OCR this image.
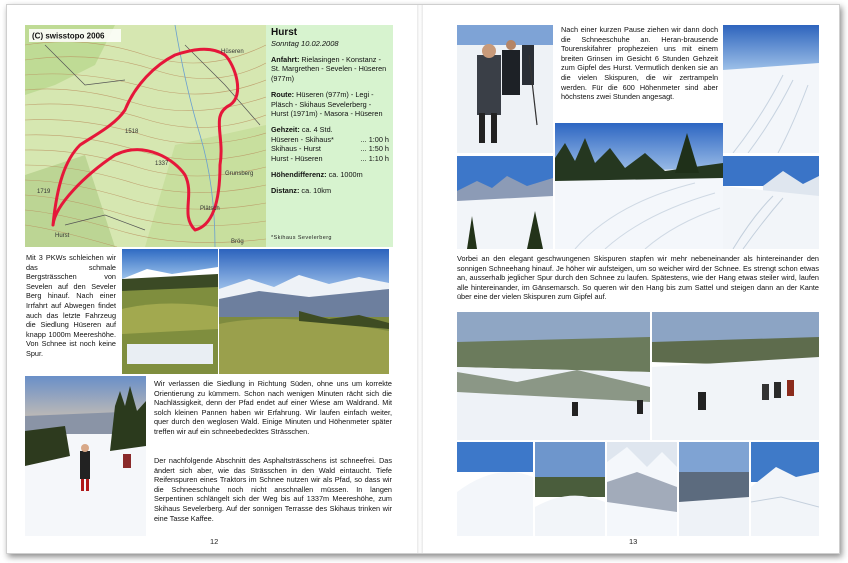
Hüseren
Hurst
Plätsch
1337
1518
1719
Grunsberg
Brög
(C) swisstopo 2006	Hurst
Sonntag 10.02.2008
Anfahrt: Rielasingen - Konstanz - St. Margrethen - Sevelen - Hüseren (977m)
Route: Hüseren (977m) - Legi - Pläsch - Skihaus Sevelerberg - Hurst (1971m) - Masora - Hüseren
Gehzeit: ca. 4 Std.
Hüseren - Skihaus*	... 1:00 h
Skihaus - Hurst	... 1:50 h
Hurst - Hüseren	... 1:10 h
Höhendifferenz: ca. 1000m
Distanz: ca. 10km
*Skihaus Sevelerberg
Mit 3 PKWs schleichen wir das schmale Bergsträsschen von Sevelen auf den Seveler Berg hinauf. Nach einer Irrfahrt auf Abwegen findet auch das letzte Fahrzeug die Siedlung Hüseren auf knapp 1000m Meereshöhe. Von Schnee ist noch keine Spur.
Wir verlassen die Siedlung in Richtung Süden, ohne uns um korrekte Orientierung zu kümmern. Schon nach wenigen Minuten rächt sich die Nachlässigkeit, denn der Pfad endet auf einer Wiese am Waldrand. Mit solch kleinen Pannen haben wir Erfahrung. Wir laufen einfach weiter, quer durch den weglosen Wald. Einige Minuten und Höhenmeter später treffen wir auf ein schneebedecktes Strässchen.
Der nachfolgende Abschnitt des Asphaltsträsschens ist schneefrei. Das ändert sich aber, wie das Strässchen in den Wald eintaucht. Tiefe Reifenspuren eines Traktors im Schnee nutzen wir als Pfad, so dass wir die Schneeschuhe noch nicht anschnallen müssen. In langen Serpentinen schlängelt sich der Weg bis auf 1337m Meereshöhe, zum Skihaus Sevelerberg. Auf der sonnigen Terrasse des Skihaus trinken wir eine Tasse Kaffee.
12
Nach einer kurzen Pause ziehen wir dann doch die Schneeschuhe an. Heran-brausende Tourenskifahrer prophezeien uns mit einem breiten Grinsen im Gesicht 6 Stunden Gehzeit zum Gipfel des Hurst. Vermutlich denken sie an die vielen Skispuren, die wir zertrampeln werden. Für die 600 Höhenmeter sind aber höchstens zwei Stunden angesagt.
Vorbei an den elegant geschwungenen Skispuren stapfen wir mehr nebeneinander als hintereinander den sonnigen Schneehang hinauf. Je höher wir aufsteigen, um so weicher wird der Schnee. Es strengt schon etwas an, ausserhalb jeglicher Spur durch den Schnee zu laufen. Spätestens, wie der Hang etwas steiler wird, laufen alle hintereinander, im Gänsemarsch. So queren wir den Hang bis zum Sattel und steigen dann an der Kante über eine der vielen Skispuren zum Gipfel auf.
13
